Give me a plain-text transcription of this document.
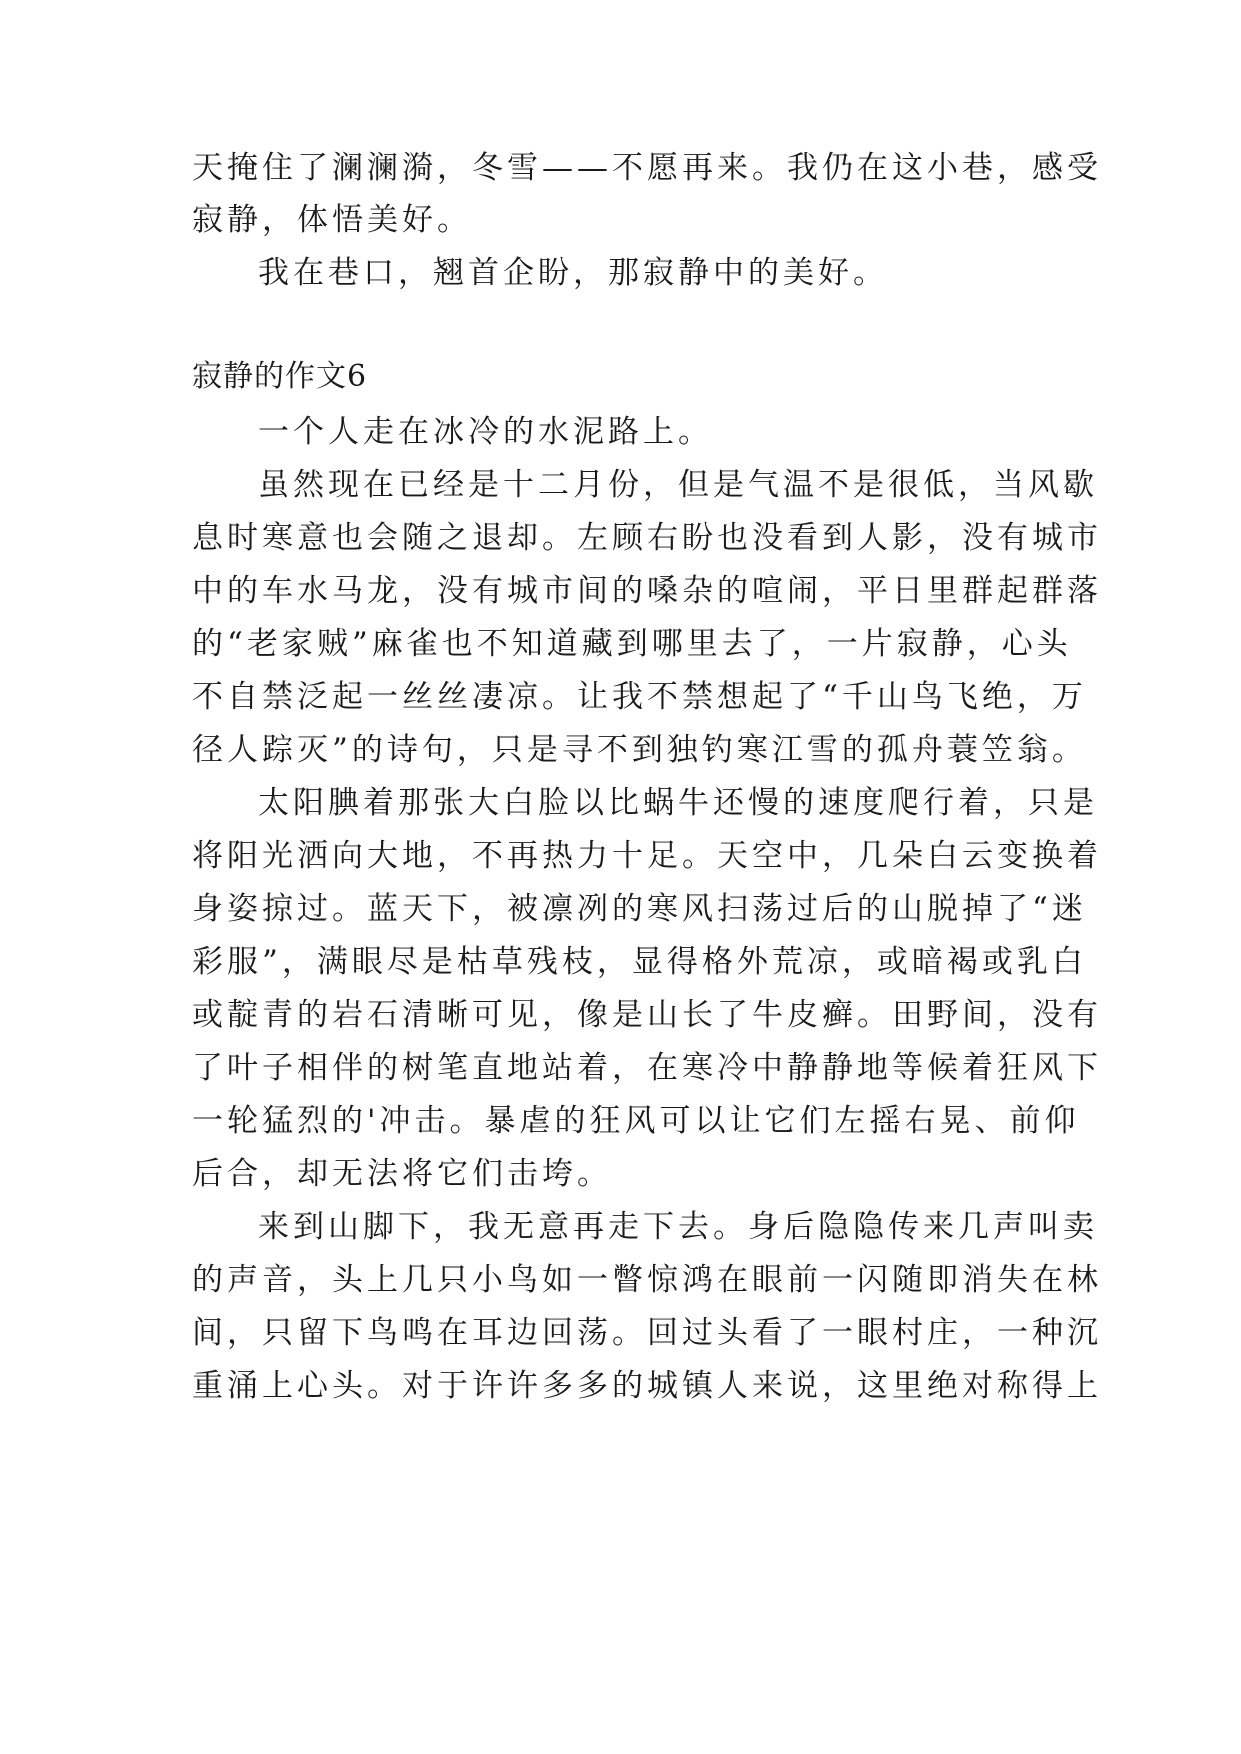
天掩住了澜澜漪，冬雪——不愿再来。我仍在这小巷，感受
寂静，体悟美好。
我在巷口，翘首企盼，那寂静中的美好。
寂静的作文6
一个人走在冰冷的水泥路上。
虽然现在已经是十二月份，但是气温不是很低，当风歇
息时寒意也会随之退却。左顾右盼也没看到人影，没有城市
中的车水马龙，没有城市间的嗓杂的喧闹，平日里群起群落
的“老家贼”麻雀也不知道藏到哪里去了，一片寂静，心头
不自禁泛起一丝丝凄凉。让我不禁想起了“千山鸟飞绝，万
径人踪灭”的诗句，只是寻不到独钓寒江雪的孤舟蓑笠翁。
太阳腆着那张大白脸以比蜗牛还慢的速度爬行着，只是
将阳光洒向大地，不再热力十足。天空中，几朵白云变换着
身姿掠过。蓝天下，被凛冽的寒风扫荡过后的山脱掉了“迷
彩服”，满眼尽是枯草残枝，显得格外荒凉，或暗褐或乳白
或靛青的岩石清晰可见，像是山长了牛皮癣。田野间，没有
了叶子相伴的树笔直地站着，在寒冷中静静地等候着狂风下
一轮猛烈的'冲击。暴虐的狂风可以让它们左摇右晃、前仰
后合，却无法将它们击垮。
来到山脚下，我无意再走下去。身后隐隐传来几声叫卖
的声音，头上几只小鸟如一瞥惊鸿在眼前一闪随即消失在林
间，只留下鸟鸣在耳边回荡。回过头看了一眼村庄，一种沉
重涌上心头。对于许许多多的城镇人来说，这里绝对称得上
